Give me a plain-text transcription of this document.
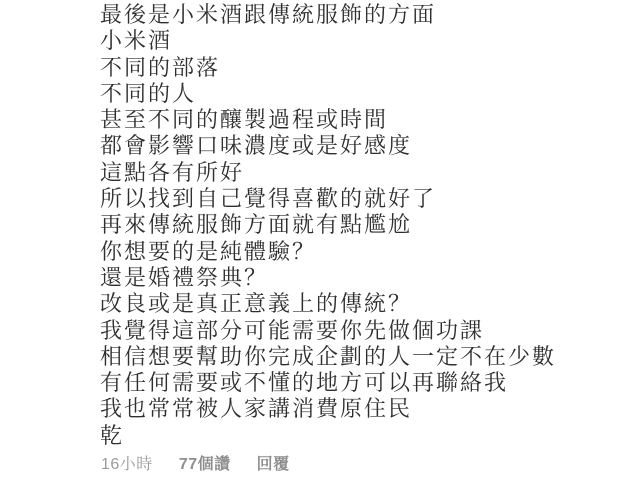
最後是小米酒跟傳統服飾的方面
小米酒
不同的部落
不同的人
甚至不同的釀製過程或時間
都會影響口味濃度或是好感度
這點各有所好
所以找到自己覺得喜歡的就好了
再來傳統服飾方面就有點尷尬
你想要的是純體驗？
還是婚禮祭典？
改良或是真正意義上的傳統？
我覺得這部分可能需要你先做個功課
相信想要幫助你完成企劃的人一定不在少數
有任何需要或不懂的地方可以再聯絡我
我也常常被人家講消費原住民
乾
16小時 77個讚 回覆
